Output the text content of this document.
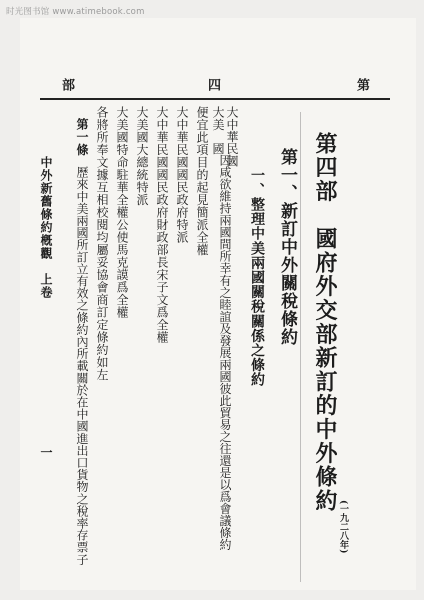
时光图书馆 www.atimebook.com
部	四	第
第四部　國府外交部新訂的中外條約
(一九二八年)
第一、新訂中外關稅條約
一、整理中美兩國關稅關係之條約
大中華民國
大美　國
因咸欲維持兩國間所幸有之睦誼及發展兩國彼此貿易之往還是以爲會議條約
便宜此項目的起見簡派全權
大中華民國國民政府特派
大中華民國國民政府財政部長宋子文爲全權
大美國大總統特派
大美國特命駐華全權公使馬克謨爲全權
各將所奉文據互相校閱均屬妥協會商訂定條約如左
第一條
歷來中美兩國所訂立有效之條約內所載關於在中國進出口貨物之稅率存票子
中外新舊條約槪觀　上卷
一
